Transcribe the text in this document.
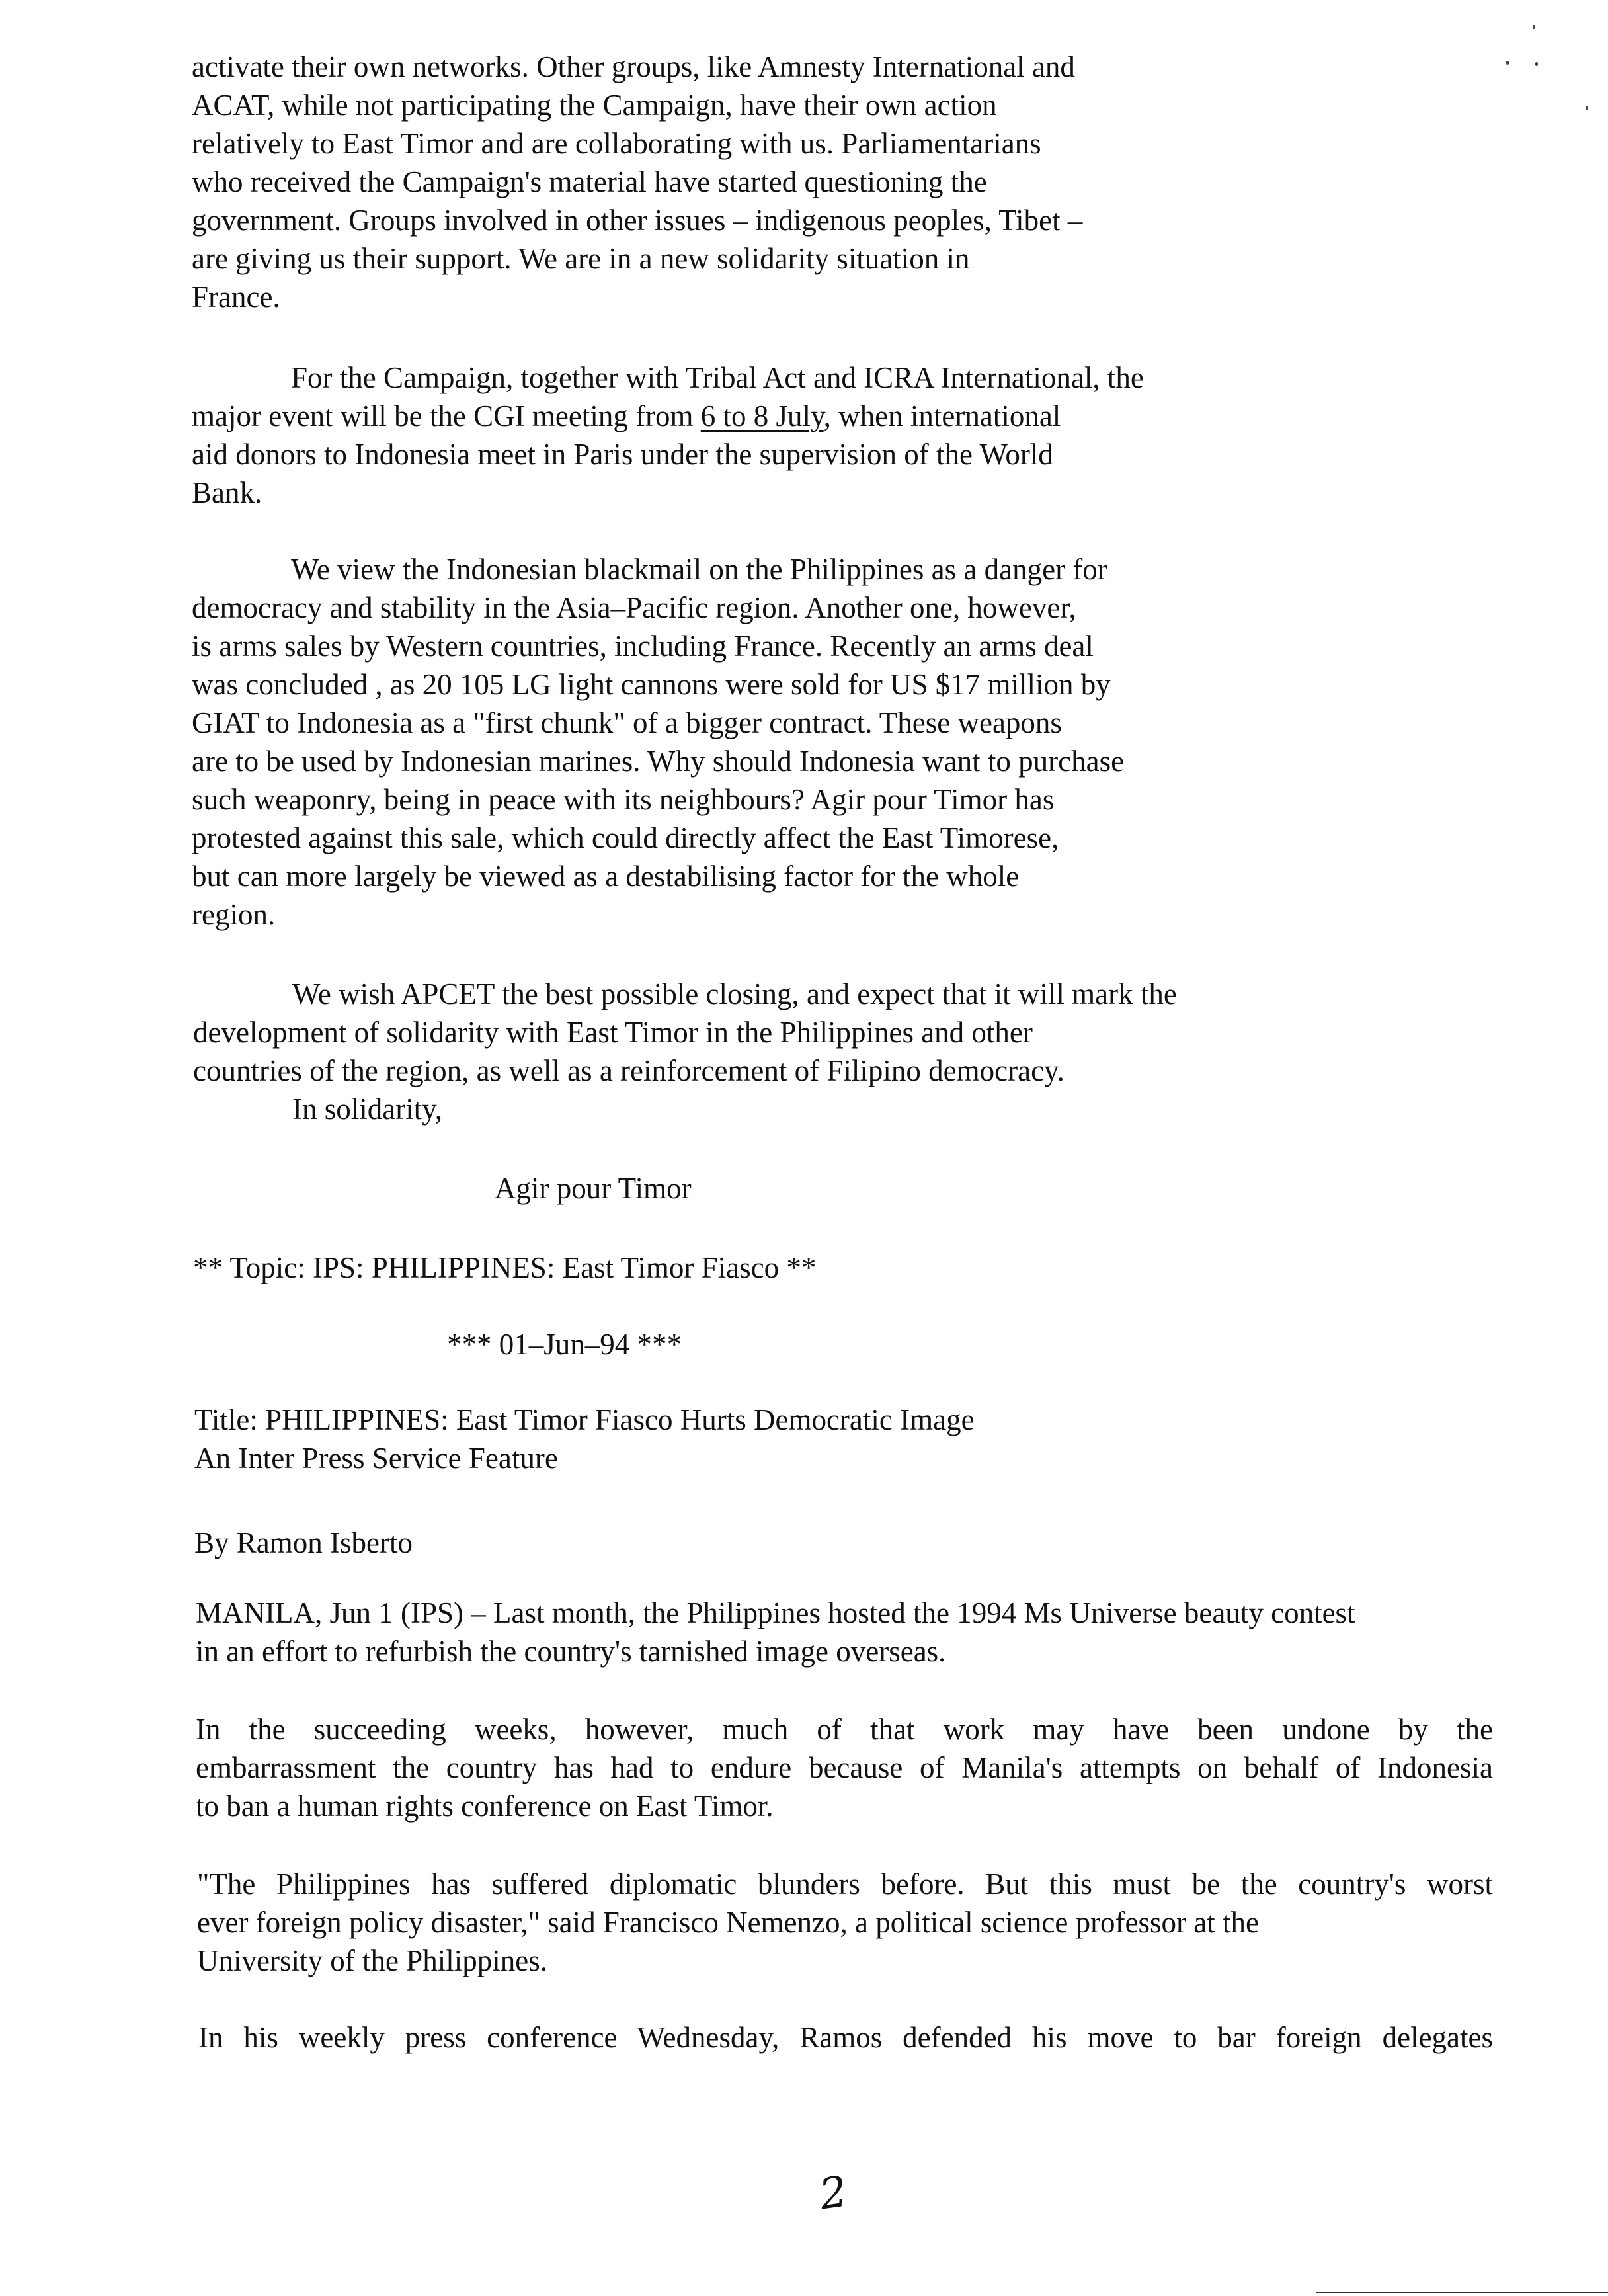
activate their own networks. Other groups, like Amnesty International and
ACAT, while not participating the Campaign, have their own action
relatively to East Timor and are collaborating with us. Parliamentarians
who received the Campaign's material have started questioning the
government. Groups involved in other issues – indigenous peoples, Tibet –
are giving us their support. We are in a new solidarity situation in
France.
For the Campaign, together with Tribal Act and ICRA International, the
major event will be the CGI meeting from 6 to 8 July, when international
aid donors to Indonesia meet in Paris under the supervision of the World
Bank.
We view the Indonesian blackmail on the Philippines as a danger for
democracy and stability in the Asia–Pacific region. Another one, however,
is arms sales by Western countries, including France. Recently an arms deal
was concluded , as 20 105 LG light cannons were sold for US $17 million by
GIAT to Indonesia as a "first chunk" of a bigger contract. These weapons
are to be used by Indonesian marines. Why should Indonesia want to purchase
such weaponry, being in peace with its neighbours? Agir pour Timor has
protested against this sale, which could directly affect the East Timorese,
but can more largely be viewed as a destabilising factor for the whole
region.
We wish APCET the best possible closing, and expect that it will mark the
development of solidarity with East Timor in the Philippines and other
countries of the region, as well as a reinforcement of Filipino democracy.
In solidarity,
Agir pour Timor
** Topic: IPS: PHILIPPINES: East Timor Fiasco **
*** 01–Jun–94 ***
Title: PHILIPPINES: East Timor Fiasco Hurts Democratic Image
An Inter Press Service Feature
By Ramon Isberto
MANILA, Jun 1 (IPS) – Last month, the Philippines hosted the 1994 Ms Universe beauty contest
in an effort to refurbish the country's tarnished image overseas.
In the succeeding weeks, however, much of that work may have been undone by the
embarrassment the country has had to endure because of Manila's attempts on behalf of Indonesia
to ban a human rights conference on East Timor.
"The Philippines has suffered diplomatic blunders before. But this must be the country's worst
ever foreign policy disaster," said Francisco Nemenzo, a political science professor at the
University of the Philippines.
In his weekly press conference Wednesday, Ramos defended his move to bar foreign delegates
2
